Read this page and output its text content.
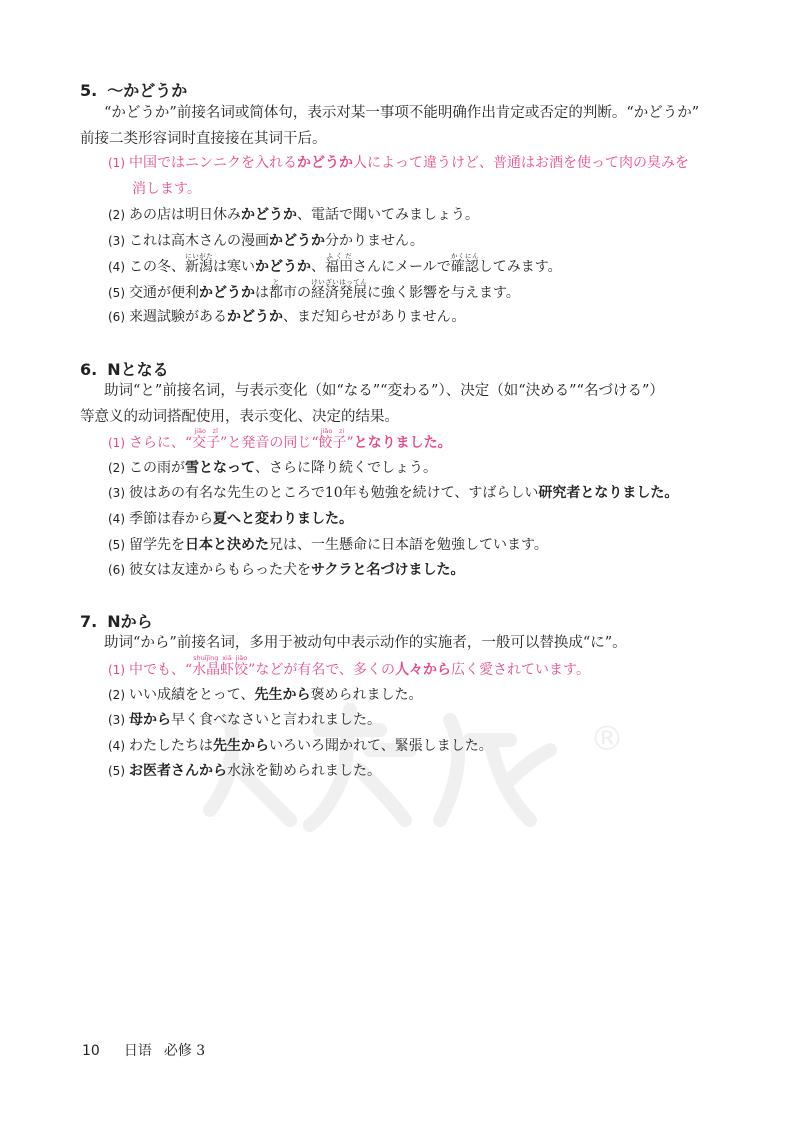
®
5. ～かどうか
“かどうか”前接名词或简体句，表示对某一事项不能明确作出肯定或否定的判断。“かどうか”
前接二类形容词时直接接在其词干后。
(1) 中国ではニンニクを入れるかどうか人によって違うけど、普通はお酒を使って肉の臭みを
消します。
(2) あの店は明日休みかどうか、電話で聞いてみましょう。
(3) これは高木さんの漫画かどうか分かりません。
(4) この冬、新潟にいがたは寒いかどうか、福田ふくださんにメールで確認かくにんしてみます。
(5) 交通が便利かどうかは都と市の経済発展けいざいはってんに強く影響を与えます。
(6) 来週試験があるかどうか、まだ知らせがありません。
6. Nとなる
助词“と”前接名词，与表示变化（如“なる”“変わる”）、决定（如“決める”“名づける”）
等意义的动词搭配使用，表示变化、决定的结果。
(1) さらに、“交子jiāo zǐ”と発音の同じ“餃子jiǎo zi”となりました。
(2) この雨が雪となって、さらに降り続くでしょう。
(3) 彼はあの有名な先生のところで10年も勉強を続けて、すばらしい研究者となりました。
(4) 季節は春から夏へと変わりました。
(5) 留学先を日本と決めた兄は、一生懸命に日本語を勉強しています。
(6) 彼女は友達からもらった犬をサクラと名づけました。
7. Nから
助词“から”前接名词，多用于被动句中表示动作的实施者，一般可以替换成“に”。
(1) 中でも、“水晶虾饺shuǐjīng xiā jiǎo”などが有名で、多くの人々から広く愛されています。
(2) いい成績をとって、先生から褒められました。
(3) 母から早く食べなさいと言われました。
(4) わたしたちは先生からいろいろ聞かれて、緊張しました。
(5) お医者さんから水泳を勧められました。
10 日语 必修 3
